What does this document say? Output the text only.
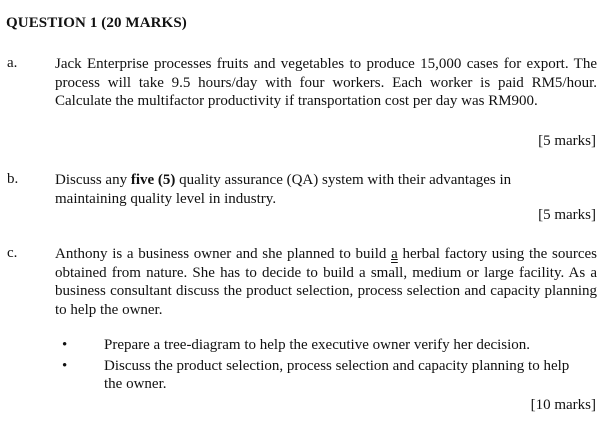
QUESTION 1 (20 MARKS)
a.	Jack Enterprise processes fruits and vegetables to produce 15,000 cases for export. The process will take 9.5 hours/day with four workers. Each worker is paid RM5/hour. Calculate the multifactor productivity if transportation cost per day was RM900.
[5 marks]
b. Discuss any five (5) quality assurance (QA) system with their advantages in maintaining quality level in industry.
[5 marks]
c.	Anthony is a business owner and she planned to build a herbal factory using the sources obtained from nature. She has to decide to build a small, medium or large facility. As a business consultant discuss the product selection, process selection and capacity planning to help the owner.
• Prepare a tree-diagram to help the executive owner verify her decision.
• Discuss the product selection, process selection and capacity planning to help the owner.
[10 marks]
